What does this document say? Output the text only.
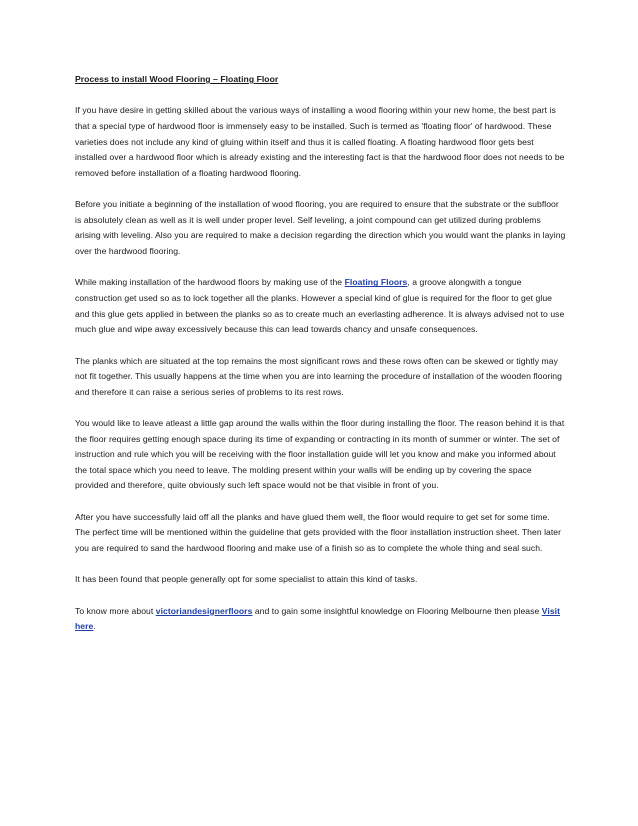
Process to install Wood Flooring – Floating Floor
If you have desire in getting skilled about the various ways of installing a wood flooring within your new home, the best part is that a special type of hardwood floor is immensely easy to be installed. Such is termed as 'floating floor' of hardwood. These varieties does not include any kind of gluing within itself and thus it is called floating. A floating hardwood floor gets best installed over a hardwood floor which is already existing and the interesting fact is that the hardwood floor does not needs to be removed before installation of a floating hardwood flooring.
Before you initiate a beginning of the installation of wood flooring, you are required to ensure that the substrate or the subfloor is absolutely clean as well as it is well under proper level. Self leveling, a joint compound can get utilized during problems arising with leveling. Also you are required to make a decision regarding the direction which you would want the planks in laying over the hardwood flooring.
While making installation of the hardwood floors by making use of the Floating Floors, a groove alongwith a tongue construction get used so as to lock together all the planks. However a special kind of glue is required for the floor to get glue and this glue gets applied in between the planks so as to create much an everlasting adherence. It is always advised not to use much glue and wipe away excessively because this can lead towards chancy and unsafe consequences.
The planks which are situated at the top remains the most significant rows and these rows often can be skewed or tightly may not fit together. This usually happens at the time when you are into learning the procedure of installation of the wooden flooring and therefore it can raise a serious series of problems to its rest rows.
You would like to leave atleast a little gap around the walls within the floor during installing the floor. The reason behind it is that the floor requires getting enough space during its time of expanding or contracting in its month of summer or winter. The set of instruction and rule which you will be receiving with the floor installation guide will let you know and make you informed about the total space which you need to leave. The molding present within your walls will be ending up by covering the space provided and therefore, quite obviously such left space would not be that visible in front of you.
After you have successfully laid off all the planks and have glued them well, the floor would require to get set for some time. The perfect time will be mentioned within the guideline that gets provided with the floor installation instruction sheet. Then later you are required to sand the hardwood flooring and make use of a finish so as to complete the whole thing and seal such.
It has been found that people generally opt for some specialist to attain this kind of tasks.
To know more about victoriandesignerfloors and to gain some insightful knowledge on Flooring Melbourne then please Visit here.
